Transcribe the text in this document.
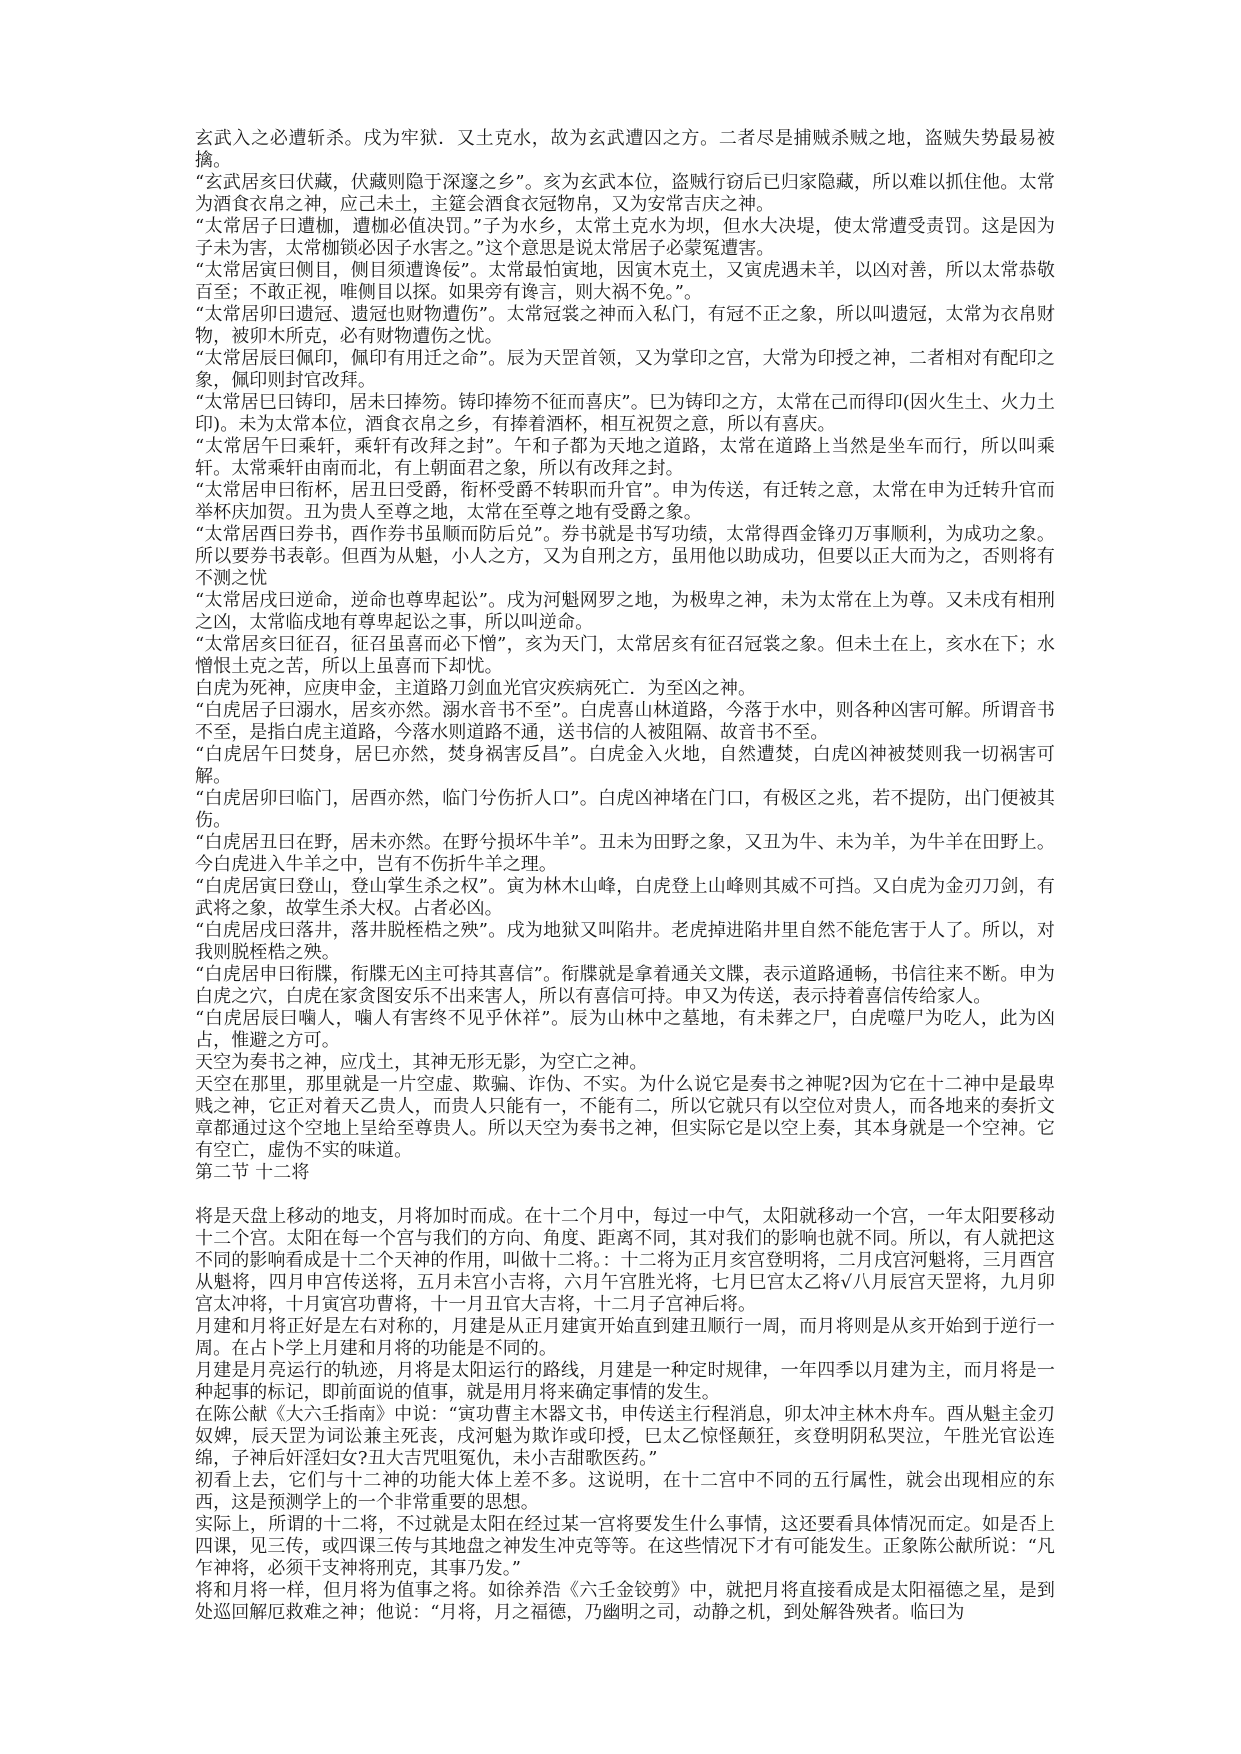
玄武入之必遭斩杀。戌为牢狱．又土克水，故为玄武遭囚之方。二者尽是捕贼杀贼之地，盗贼失势最易被擒。

“玄武居亥曰伏藏，伏藏则隐于深邃之乡”。亥为玄武本位，盗贼行窃后已归家隐藏，所以难以抓住他。太常为酒食衣帛之神，应己未土，主筵会酒食衣冠物帛，又为安常吉庆之神。

“太常居子曰遭枷，遭枷必值决罚。”子为水乡，太常土克水为坝，但水大决堤，使太常遭受责罚。这是因为子未为害，太常枷锁必因子水害之。”这个意思是说太常居子必蒙冤遭害。

“太常居寅曰侧目，侧目须遭谗佞”。太常最怕寅地，因寅木克土，又寅虎遇未羊，以凶对善，所以太常恭敬百至；不敢正视，唯侧目以探。如果旁有谗言，则大祸不免。”。

“太常居卯曰遗冠、遗冠也财物遭伤”。太常冠裳之神而入私门，有冠不正之象，所以叫遗冠，太常为衣帛财物，被卯木所克，必有财物遭伤之忧。

“太常居辰曰佩印，佩印有用迁之命”。辰为天罡首领，又为掌印之宫，大常为印授之神，二者相对有配印之象，佩印则封官改拜。

“太常居巳曰铸印，居未曰捧笏。铸印捧笏不征而喜庆”。巳为铸印之方，太常在己而得印(因火生土、火力土印)。未为太常本位，酒食衣帛之乡，有捧着酒杯，相互祝贺之意，所以有喜庆。

“太常居午曰乘轩，乘轩有改拜之封”。午和子都为天地之道路，太常在道路上当然是坐车而行，所以叫乘轩。太常乘轩由南而北，有上朝面君之象，所以有改拜之封。

“太常居申曰衔杯，居丑曰受爵，衔杯受爵不转职而升官”。申为传送，有迁转之意，太常在申为迁转升官而举杯庆加贺。丑为贵人至尊之地，太常在至尊之地有受爵之象。

“太常居酉曰券书，酉作券书虽顺而防后兑”。券书就是书写功绩，太常得酉金锋刃万事顺利，为成功之象。所以要券书表彰。但酉为从魁，小人之方，又为自刑之方，虽用他以助成功，但要以正大而为之，否则将有不测之忧

“太常居戌曰逆命，逆命也尊卑起讼”。戌为河魁网罗之地，为极卑之神，未为太常在上为尊。又未戌有相刑之凶，太常临戌地有尊卑起讼之事，所以叫逆命。

“太常居亥曰征召，征召虽喜而必下憎”，亥为天门，太常居亥有征召冠裳之象。但未土在上，亥水在下；水憎恨土克之苦，所以上虽喜而下却忧。

白虎为死神，应庚申金，主道路刀剑血光官灾疾病死亡．为至凶之神。

“白虎居子曰溺水，居亥亦然。溺水音书不至”。白虎喜山林道路，今落于水中，则各种凶害可解。所谓音书不至，是指白虎主道路，今落水则道路不通，送书信的人被阻隔、故音书不至。

“白虎居午曰焚身，居巳亦然，焚身祸害反昌”。白虎金入火地，自然遭焚，白虎凶神被焚则我一切祸害可解。

“白虎居卯曰临门，居酉亦然，临门兮伤折人口”。白虎凶神堵在门口，有极区之兆，若不提防，出门便被其伤。

“白虎居丑曰在野，居未亦然。在野兮损坏牛羊”。丑未为田野之象，又丑为牛、未为羊，为牛羊在田野上。今白虎进入牛羊之中，岂有不伤折牛羊之理。

“白虎居寅曰登山，登山掌生杀之权”。寅为林木山峰，白虎登上山峰则其威不可挡。又白虎为金刃刀剑，有武将之象，故掌生杀大权。占者必凶。

“白虎居戌曰落井，落井脱桎梏之殃”。戌为地狱又叫陷井。老虎掉进陷井里自然不能危害于人了。所以，对我则脱桎梏之殃。

“白虎居申曰衔牒，衔牒无凶主可持其喜信”。衔牒就是拿着通关文牒，表示道路通畅，书信往来不断。申为白虎之穴，白虎在家贪图安乐不出来害人，所以有喜信可持。申又为传送，表示持着喜信传给家人。

“白虎居辰曰噛人，噛人有害终不见乎休祥”。辰为山林中之墓地，有未葬之尸，白虎噬尸为吃人，此为凶占，惟避之方可。

天空为奏书之神，应戊土，其神无形无影，为空亡之神。

天空在那里，那里就是一片空虚、欺骗、诈伪、不实。为什么说它是奏书之神呢?因为它在十二神中是最卑贱之神，它正对着天乙贵人，而贵人只能有一，不能有二，所以它就只有以空位对贵人，而各地来的奏折文章都通过这个空地上呈给至尊贵人。所以天空为奏书之神，但实际它是以空上奏，其本身就是一个空神。它有空亡，虚伪不实的味道。

第二节 十二将

将是天盘上移动的地支，月将加时而成。在十二个月中，每过一中气，太阳就移动一个宫，一年太阳要移动十二个宫。太阳在每一个宫与我们的方向、角度、距离不同，其对我们的影响也就不同。所以，有人就把这不同的影响看成是十二个天神的作用，叫做十二将。：十二将为正月亥宫登明将，二月戌宫河魁将，三月酉宫从魁将，四月申宫传送将，五月未宫小吉将，六月午宫胜光将，七月巳宫太乙将√八月辰宫天罡将，九月卯宫太冲将，十月寅宫功曹将，十一月丑官大吉将，十二月子宫神后将。

月建和月将正好是左右对称的，月建是从正月建寅开始直到建丑顺行一周，而月将则是从亥开始到于逆行一周。在占卜学上月建和月将的功能是不同的。

月建是月亮运行的轨迹，月将是太阳运行的路线，月建是一种定时规律，一年四季以月建为主，而月将是一种起事的标记，即前面说的值事，就是用月将来确定事情的发生。

在陈公献《大六壬指南》中说：“寅功曹主木器文书，申传送主行程消息，卯太冲主林木舟车。酉从魁主金刃奴婢，辰天罡为词讼兼主死丧，戌河魁为欺诈或印授，巳太乙惊怪颠狂，亥登明阴私哭泣，午胜光官讼连绵，子神后奸淫妇女?丑大吉咒咀冤仇，未小吉甜歌医药。”

初看上去，它们与十二神的功能大体上差不多。这说明，在十二宫中不同的五行属性，就会出现相应的东西，这是预测学上的一个非常重要的思想。

实际上，所谓的十二将，不过就是太阳在经过某一宫将要发生什么事情，这还要看具体情况而定。如是否上四课，见三传，或四课三传与其地盘之神发生冲克等等。在这些情况下才有可能发生。正象陈公献所说：“凡乍神将，必须干支神将刑克，其事乃发。”

将和月将一样，但月将为值事之将。如徐养浩《六壬金铰剪》中，就把月将直接看成是太阳福德之星，是到处巡回解厄救难之神；他说：“月将，月之福德，乃幽明之司，动静之机，到处解咎殃者。临曰为
